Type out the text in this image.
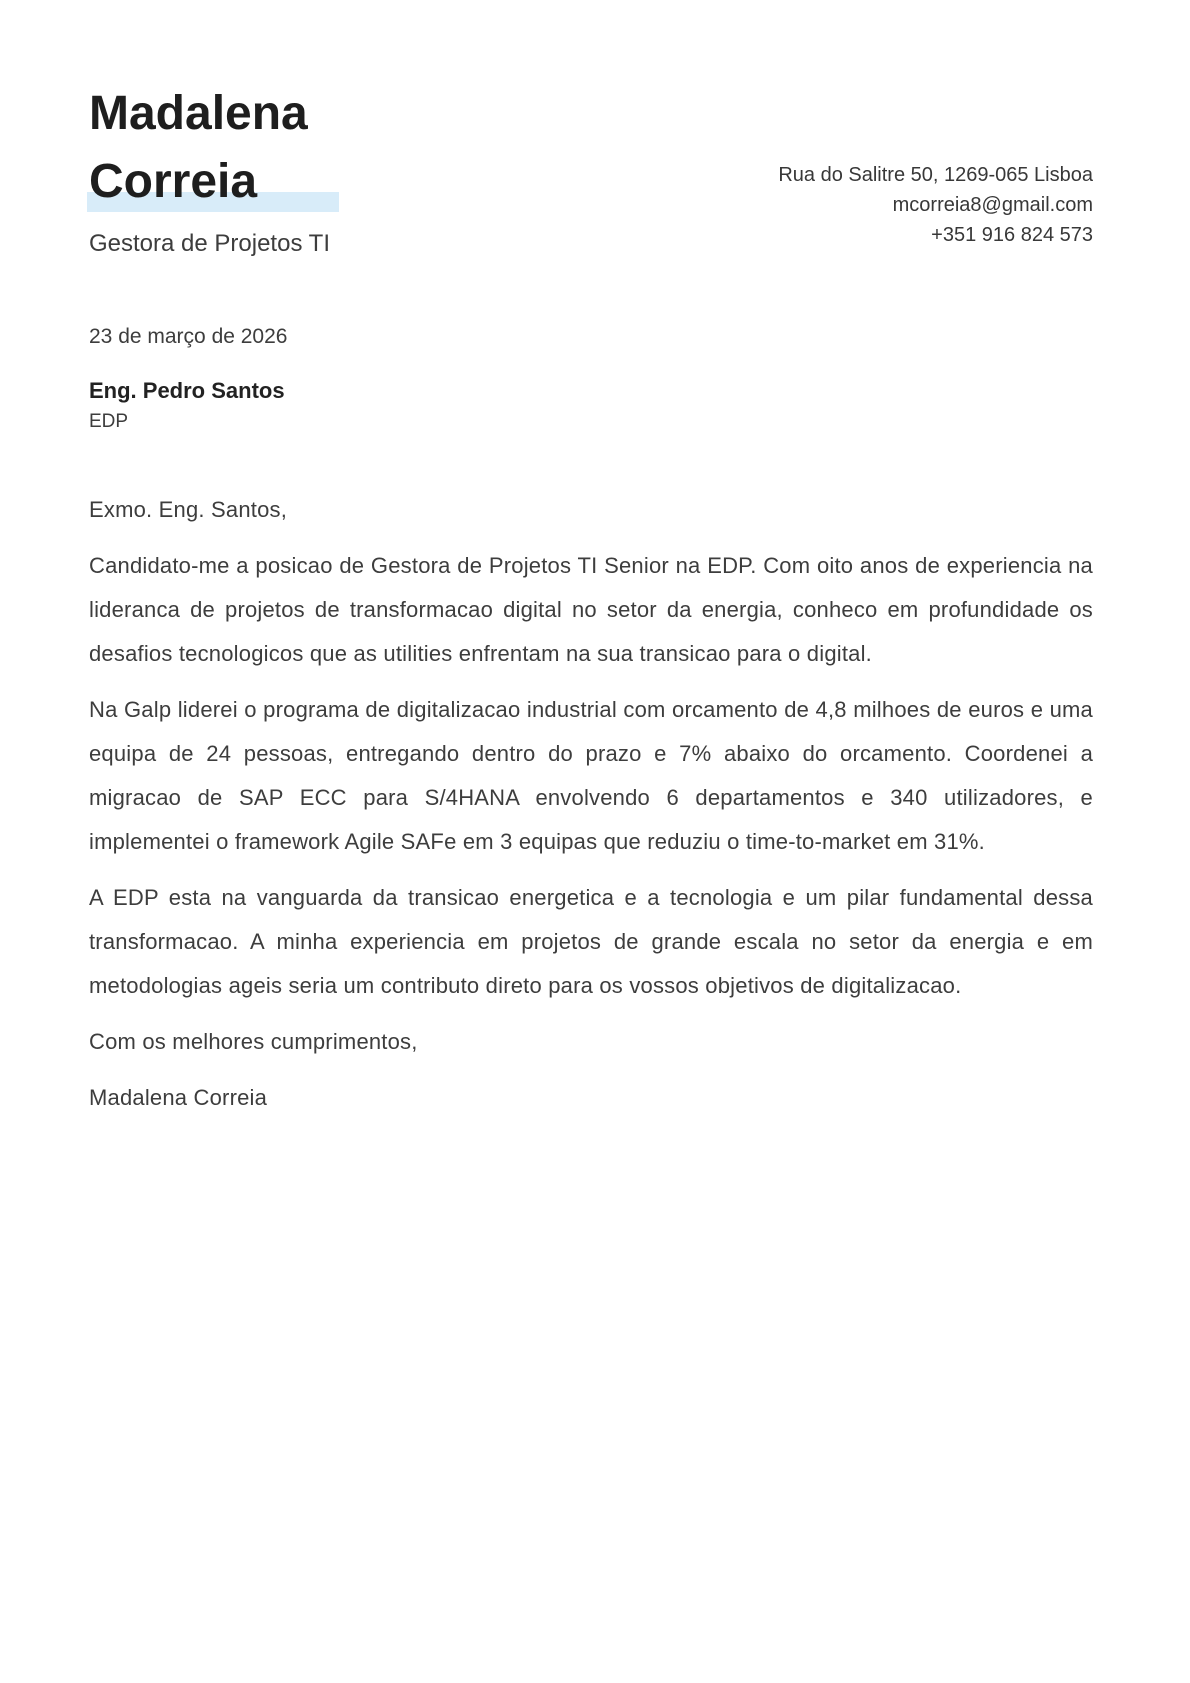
Madalena
Correia
Gestora de Projetos TI
Rua do Salitre 50, 1269-065 Lisboa
mcorreia8@gmail.com
+351 916 824 573

23 de março de 2026

Eng. Pedro Santos
EDP

Exmo. Eng. Santos,

Candidato-me a posicao de Gestora de Projetos TI Senior na EDP. Com oito anos de experiencia na lideranca de projetos de transformacao digital no setor da energia, conheco em profundidade os desafios tecnologicos que as utilities enfrentam na sua transicao para o digital.

Na Galp liderei o programa de digitalizacao industrial com orcamento de 4,8 milhoes de euros e uma equipa de 24 pessoas, entregando dentro do prazo e 7% abaixo do orcamento. Coordenei a migracao de SAP ECC para S/4HANA envolvendo 6 departamentos e 340 utilizadores, e implementei o framework Agile SAFe em 3 equipas que reduziu o time-to-market em 31%.

A EDP esta na vanguarda da transicao energetica e a tecnologia e um pilar fundamental dessa transformacao. A minha experiencia em projetos de grande escala no setor da energia e em metodologias ageis seria um contributo direto para os vossos objetivos de digitalizacao.

Com os melhores cumprimentos,

Madalena Correia
